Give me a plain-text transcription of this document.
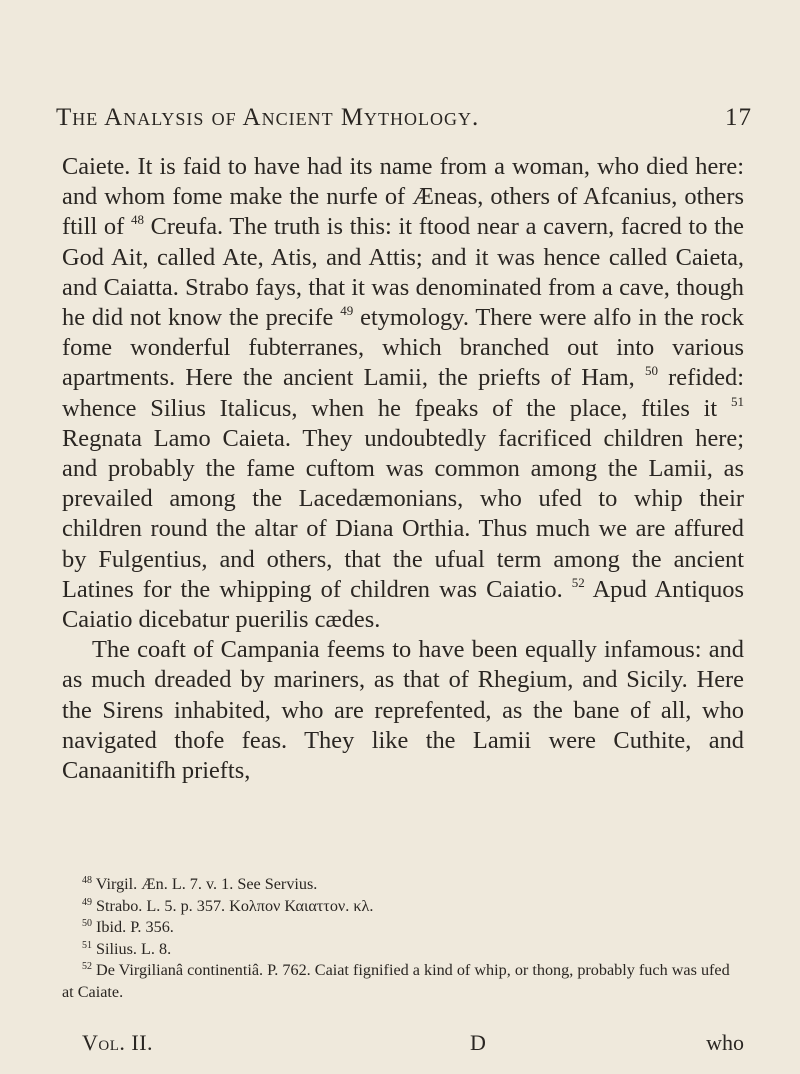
The Analysis of Ancient Mythology.	17

Caiete. It is faid to have had its name from a woman, who died here: and whom fome make the nurfe of Æneas, others of Afcanius, others ftill of $^{48}$ Creufa. The truth is this: it ftood near a cavern, facred to the God Ait, called Ate, Atis, and Attis; and it was hence called Caieta, and Caiatta. Strabo fays, that it was denominated from a cave, though he did not know the precife $^{49}$ etymology. There were alfo in the rock fome wonderful fubterranes, which branched out into various apartments. Here the ancient Lamii, the priefts of Ham, $^{50}$ refided: whence Silius Italicus, when he fpeaks of the place, ftiles it $^{51}$ Regnata Lamo Caieta. They undoubtedly facrificed children here; and probably the fame cuftom was common among the Lamii, as prevailed among the Lacedæmonians, who ufed to whip their children round the altar of Diana Orthia. Thus much we are affured by Fulgentius, and others, that the ufual term among the ancient Latines for the whipping of children was Caiatio. $^{52}$ Apud Antiquos Caiatio dicebatur puerilis cædes.

The coaft of Campania feems to have been equally infamous: and as much dreaded by mariners, as that of Rhegium, and Sicily. Here the Sirens inhabited, who are reprefented, as the bane of all, who navigated thofe feas. They like the Lamii were Cuthite, and Canaanitifh priefts,

$^{48}$ Virgil. Æn. L. 7. v. 1. See Servius.

$^{49}$ Strabo. L. 5. p. 357. Κολπον Καιαττον. κλ.

$^{50}$ Ibid. P. 356.

$^{51}$ Silius. L. 8.

$^{52}$ De Virgilianâ continentiâ. P. 762. Caiat fignified a kind of whip, or thong, probably fuch was ufed at Caiate.

Vol. II.	D	who
